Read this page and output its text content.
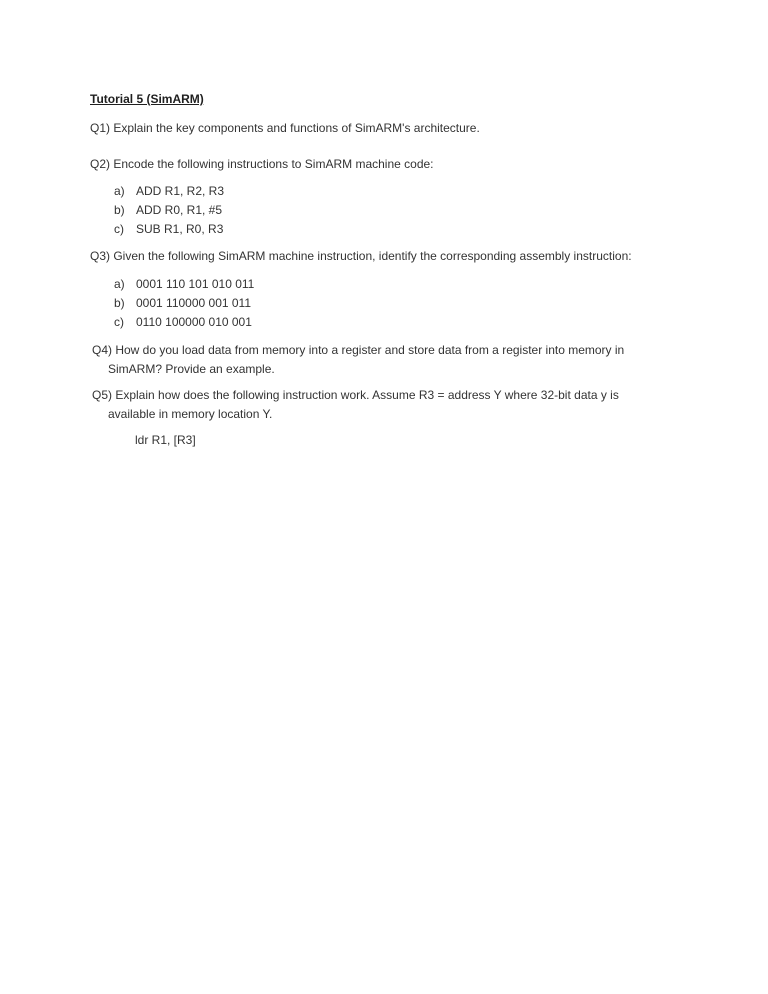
Tutorial 5 (SimARM)
Q1) Explain the key components and functions of SimARM's architecture.
Q2) Encode the following instructions to SimARM machine code:
a) ADD R1, R2, R3
b) ADD R0, R1, #5
c)	SUB R1, R0, R3
Q3) Given the following SimARM machine instruction, identify the corresponding assembly instruction:
a) 0001 110 101 010 011
b) 0001 110000 001 011
c)	0110 100000 010 001
Q4) How do you load data from memory into a register and store data from a register into memory in
SimARM? Provide an example.
Q5) Explain how does the following instruction work. Assume R3 = address Y where 32-bit data y is
available in memory location Y.
ldr R1, [R3]
